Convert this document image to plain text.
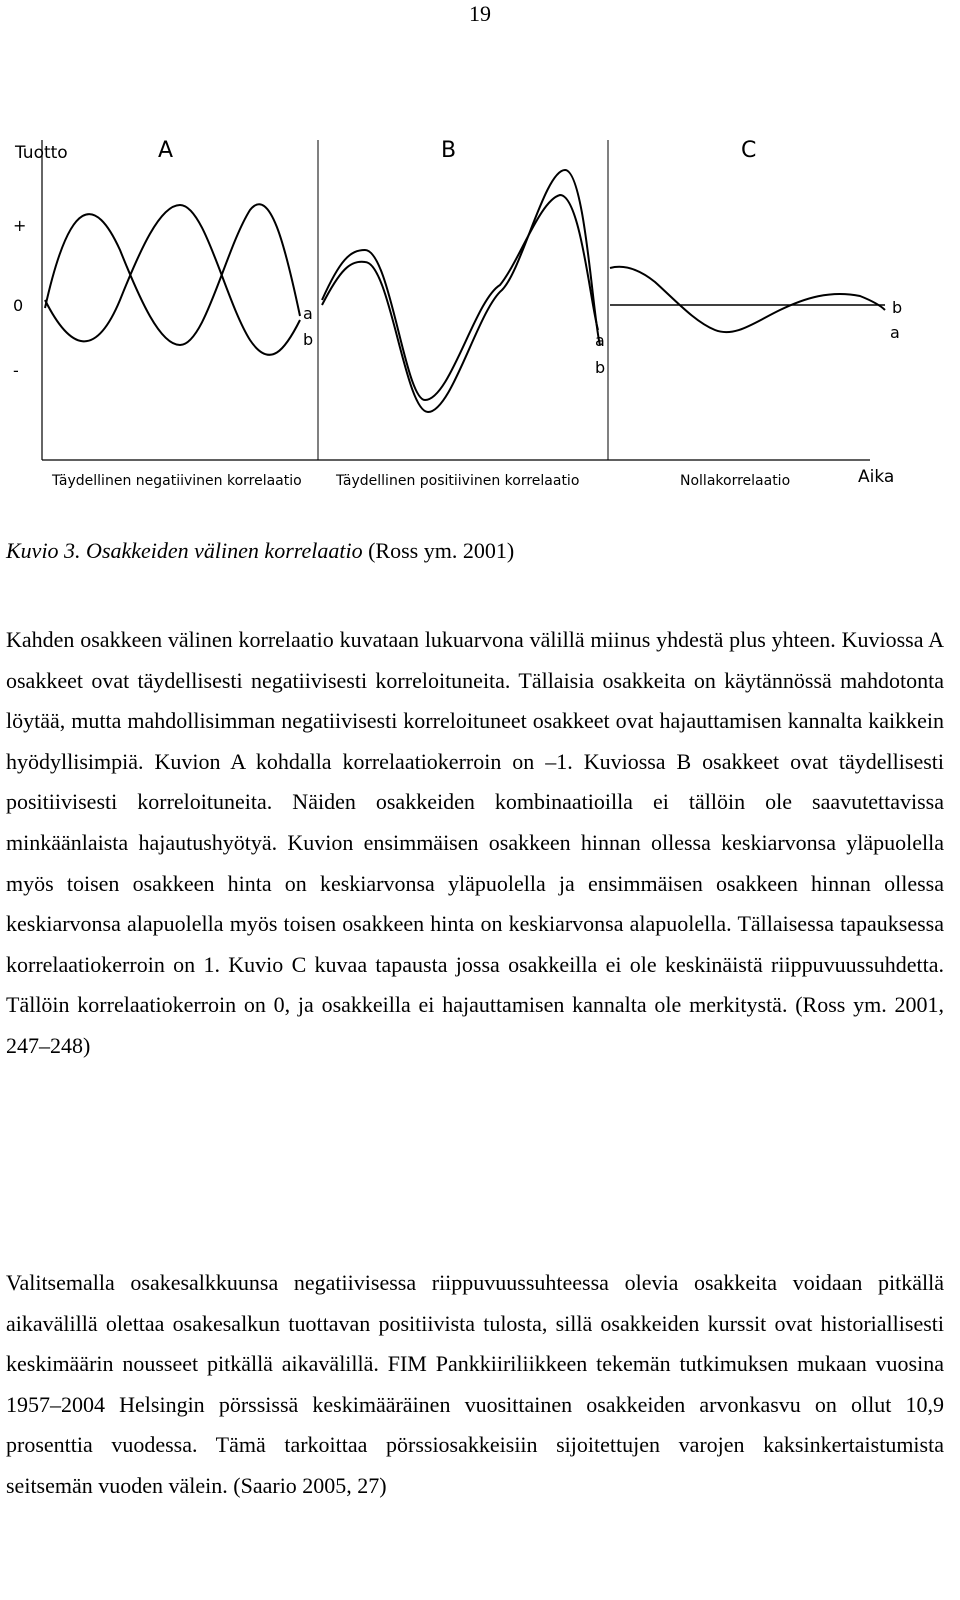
19
Tuotto
+
0
-
Aika
A	B	C
Täydellinen negatiivinen korrelaatio Täydellinen positiivinen korrelaatio	Nollakorrelaatio
a
b	a
b
b
a
Kuvio 3. Osakkeiden välinen korrelaatio (Ross ym. 2001)

Kahden osakkeen välinen korrelaatio kuvataan lukuarvona välillä miinus yhdestä plus yhteen. Kuviossa A osakkeet ovat täydellisesti negatiivisesti korreloituneita. Tällaisia osakkeita on käytännössä mahdotonta löytää, mutta mahdollisimman negatiivisesti korreloituneet osakkeet ovat hajauttamisen kannalta kaikkein hyödyllisimpiä. Kuvion A kohdalla korrelaatiokerroin on –1. Kuviossa B osakkeet ovat täydellisesti positiivisesti korreloituneita. Näiden osakkeiden kombinaatioilla ei tällöin ole saavutettavissa minkäänlaista hajautushyötyä. Kuvion ensimmäisen osakkeen hinnan ollessa keskiarvonsa yläpuolella myös toisen osakkeen hinta on keskiarvonsa yläpuolella ja ensimmäisen osakkeen hinnan ollessa keskiarvonsa alapuolella myös toisen osakkeen hinta on keskiarvonsa alapuolella. Tällaisessa tapauksessa korrelaatiokerroin on 1. Kuvio C kuvaa tapausta jossa osakkeilla ei ole keskinäistä riippuvuussuhdetta. Tällöin korrelaatiokerroin on 0, ja osakkeilla ei hajauttamisen kannalta ole merkitystä. (Ross ym. 2001, 247–248)

Valitsemalla osakesalkkuunsa negatiivisessa riippuvuussuhteessa olevia osakkeita voidaan pitkällä aikavälillä olettaa osakesalkun tuottavan positiivista tulosta, sillä osakkeiden kurssit ovat historiallisesti keskimäärin nousseet pitkällä aikavälillä. FIM Pankkiiriliikkeen tekemän tutkimuksen mukaan vuosina 1957–2004 Helsingin pörssissä keskimääräinen vuosittainen osakkeiden arvonkasvu on ollut 10,9 prosenttia vuodessa. Tämä tarkoittaa pörssiosakkeisiin sijoitettujen varojen kaksinkertaistumista seitsemän vuoden välein. (Saario 2005, 27)
